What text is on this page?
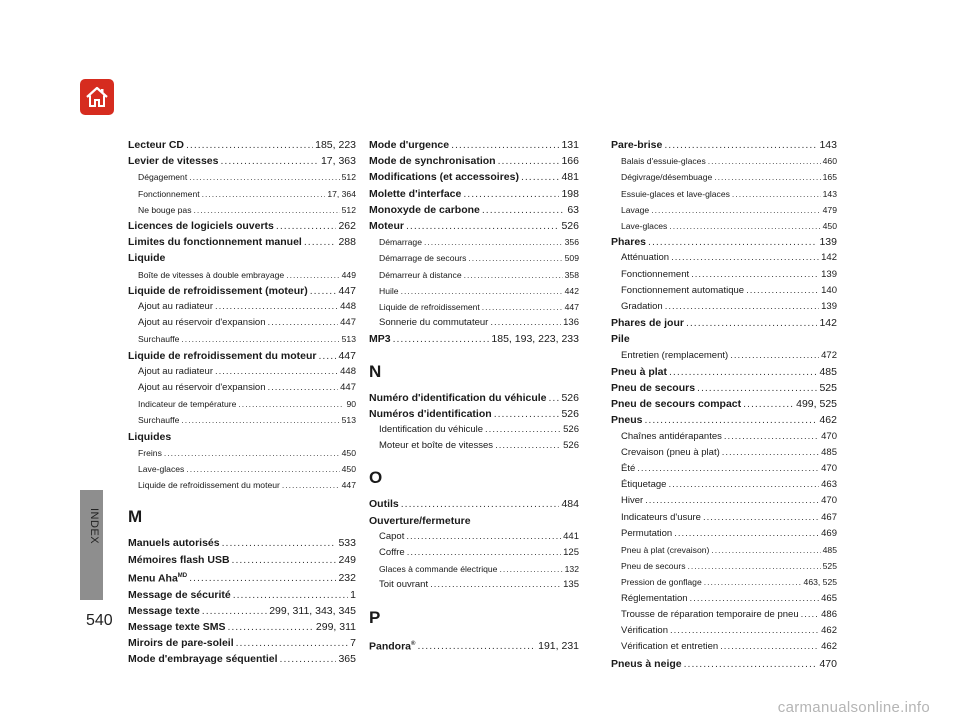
INDEX
540
Lecteur CD .....	185, 223
Levier de vitesses .....	17, 363
Dégagement .....	512
Fonctionnement .....	17, 364
Ne bouge pas .....	512
Licences de logiciels ouverts .....	262
Limites du fonctionnement manuel .....	288
Liquide
Boîte de vitesses à double embrayage .....	449
Liquide de refroidissement (moteur) .....	447
Ajout au radiateur .....	448
Ajout au réservoir d'expansion .....	447
Surchauffe .....	513
Liquide de refroidissement du moteur ..... 447
Ajout au radiateur .....	448
Ajout au réservoir d'expansion .....	447
Indicateur de température .....	90
Surchauffe .....	513
Liquides
Freins .....	450
Lave-glaces .....	450
Liquide de refroidissement du moteur .....	447
M
Manuels autorisés .....	533
Mémoires flash USB .....	249
Menu Aha$^{MD}$ .....	232
Message de sécurité .....	1
Message texte .....	299, 311, 343, 345
Message texte SMS .....	299, 311
Miroirs de pare-soleil .....	7
Mode d'embrayage séquentiel .....	365
Mode d'urgence .....	131
Mode de synchronisation .....	166
Modifications (et accessoires) .....	481
Molette d'interface .....	198
Monoxyde de carbone .....	63
Moteur .....	526
Démarrage .....	356
Démarrage de secours .....	509
Démarreur à distance .....	358
Huile .....	442
Liquide de refroidissement .....	447
Sonnerie du commutateur .....	136
MP3 .....	185, 193, 223, 233
N
Numéro d'identification du véhicule ..... 526
Numéros d'identification .....	526
Identification du véhicule .....	526
Moteur et boîte de vitesses .....	526
O
Outils .....	484
Ouverture/fermeture
Capot .....	441
Coffre .....	125
Glaces à commande électrique .....	132
Toit ouvrant .....	135
P
Pandora® .....	191, 231
Pare-brise .....	143
Balais d'essuie-glaces .....	460
Dégivrage/désembuage .....	165
Essuie-glaces et lave-glaces .....	143
Lavage .....	479
Lave-glaces .....	450
Phares .....	139
Atténuation .....	142
Fonctionnement .....	139
Fonctionnement automatique .....	140
Gradation .....	139
Phares de jour .....	142
Pile
Entretien (remplacement) .....	472
Pneu à plat .....	485
Pneu de secours .....	525
Pneu de secours compact .....	499, 525
Pneus .....	462
Chaînes antidérapantes .....	470
Crevaison (pneu à plat) .....	485
Été .....	470
Étiquetage .....	463
Hiver .....	470
Indicateurs d'usure .....	467
Permutation .....	469
Pneu à plat (crevaison) .....	485
Pneu de secours .....	525
Pression de gonflage .....	463, 525
Réglementation .....	465
Trousse de réparation temporaire de pneu ..... 486
Vérification .....	462
Vérification et entretien .....	462
Pneus à neige .....	470
carmanualsonline.info
